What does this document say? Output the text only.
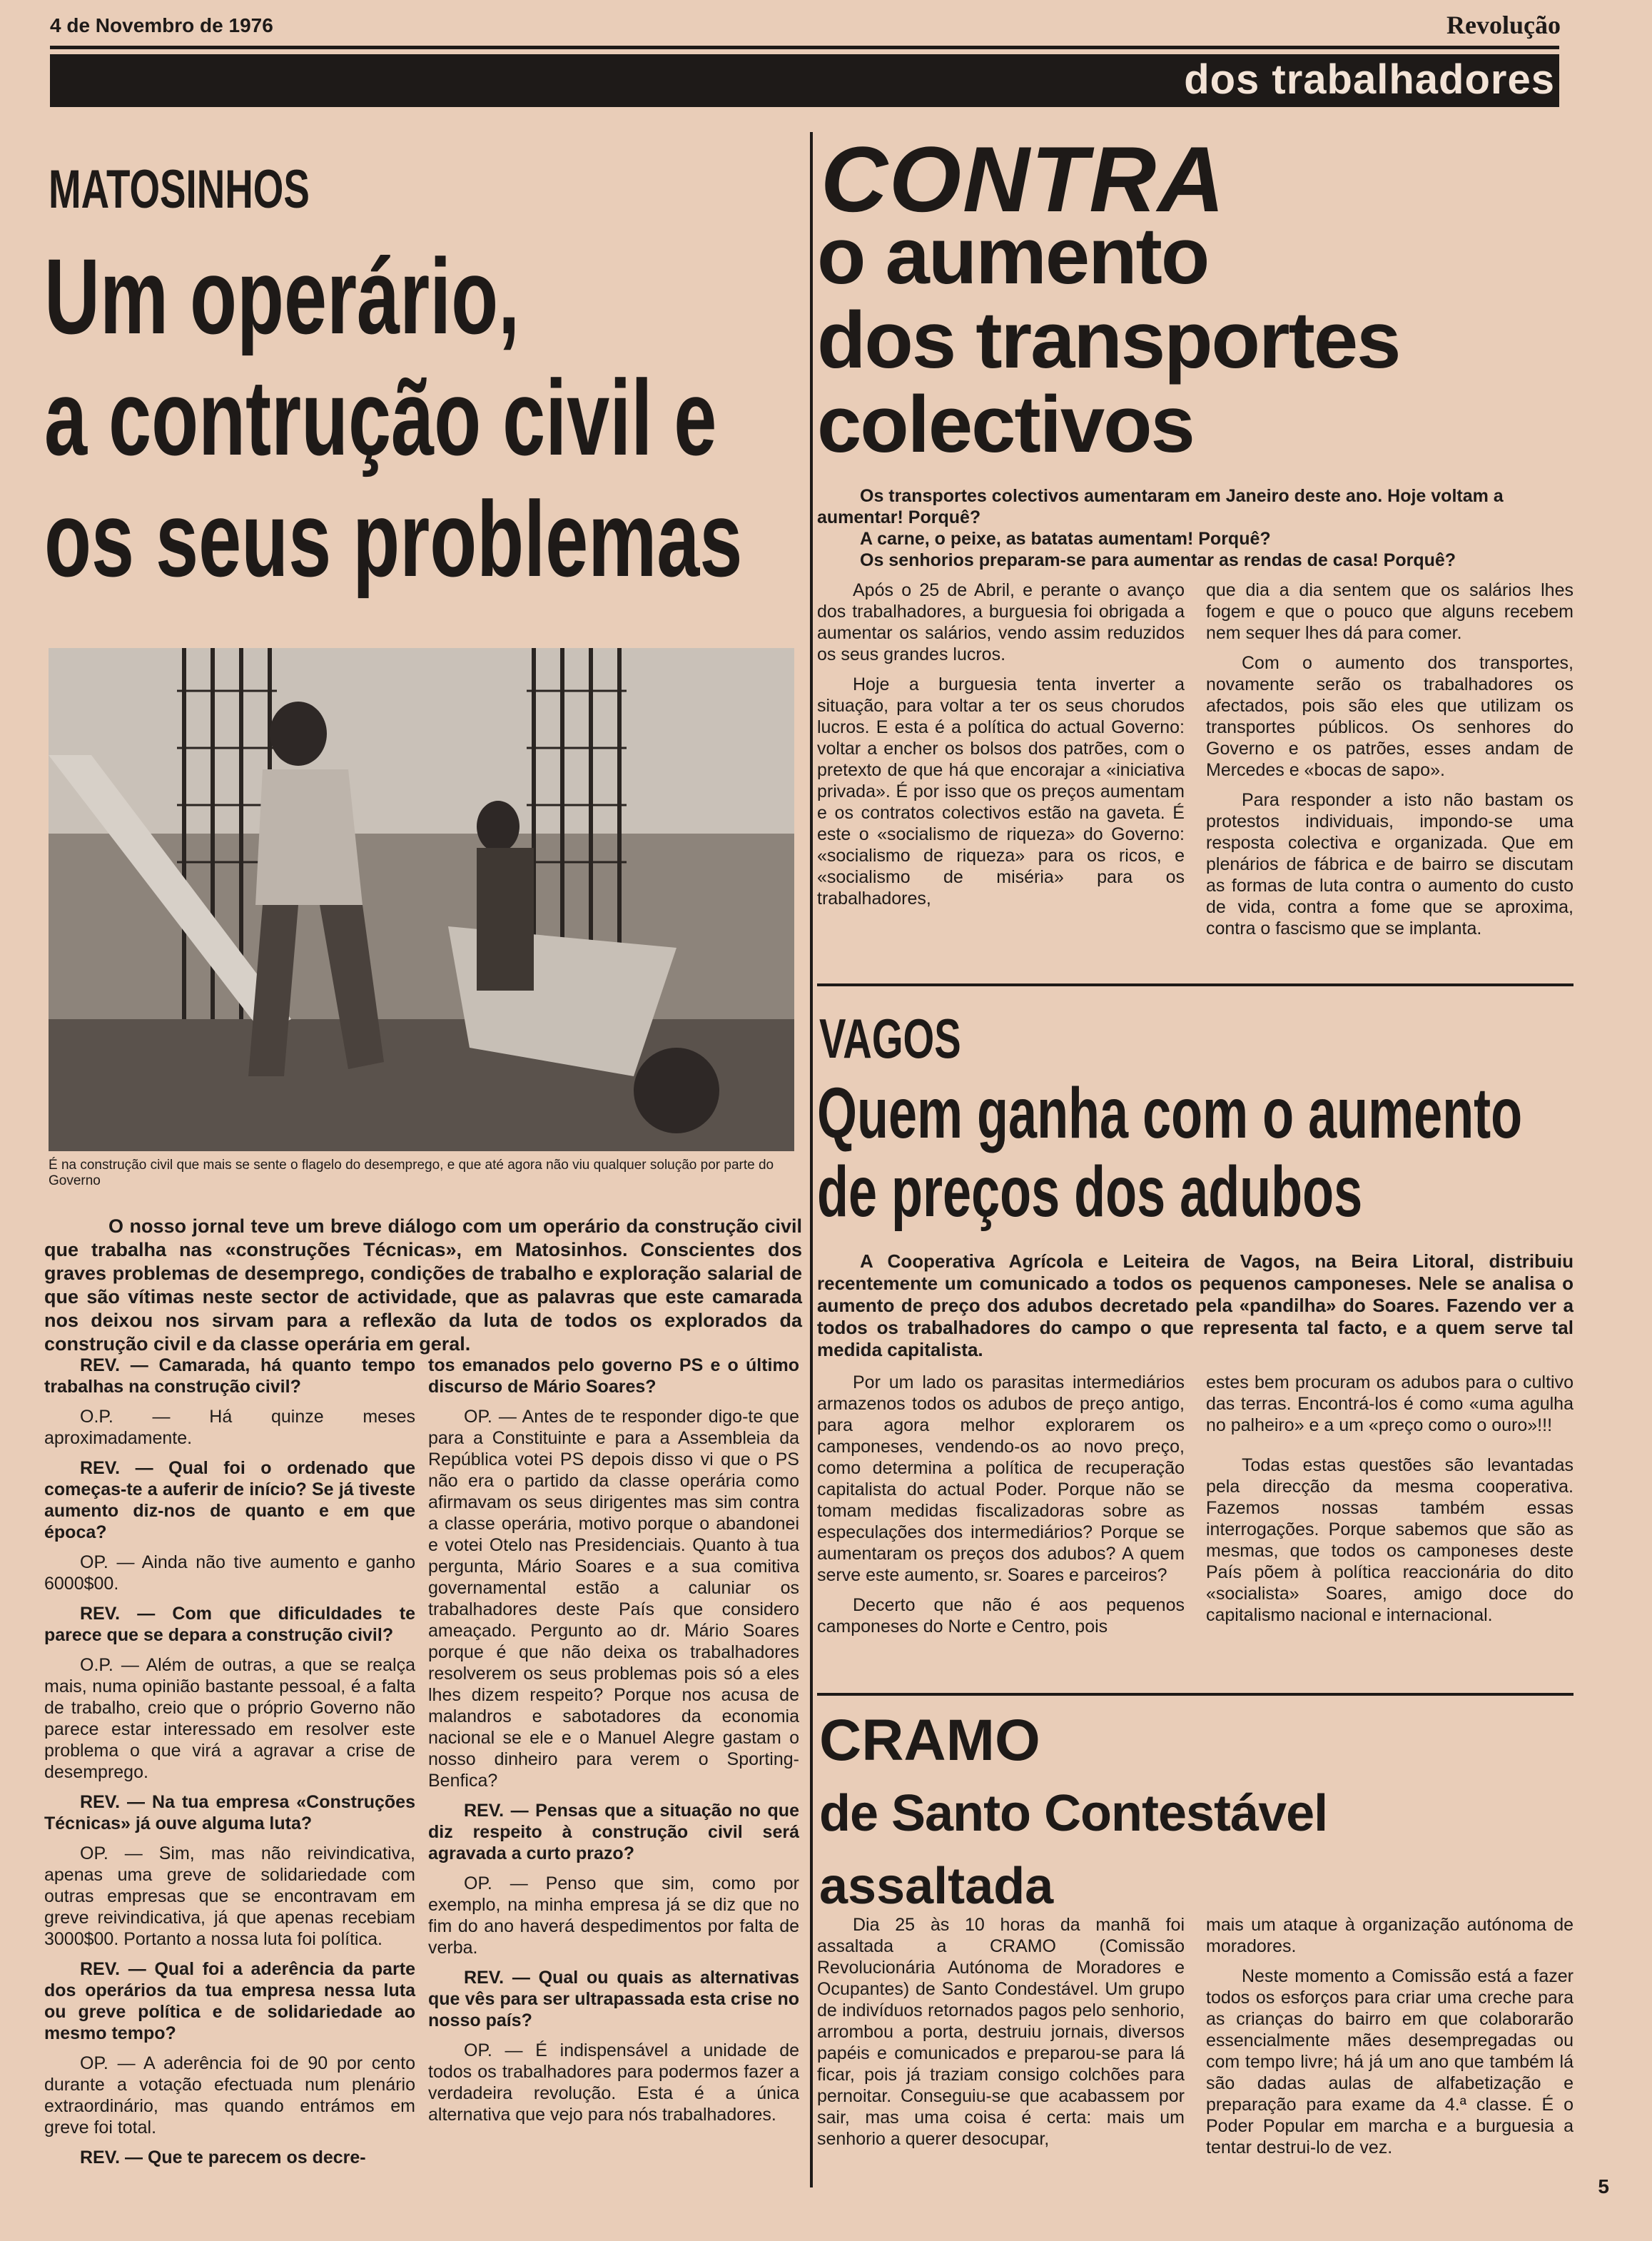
4 de Novembro de 1976	Revolução
dos trabalhadores
MATOSINHOS
Um operário,
a contrução civil e
os seus problemas
É na construção civil que mais se sente o flagelo do desemprego, e que até agora não viu qualquer solução por parte do Governo
O nosso jornal teve um breve diálogo com um operário da construção civil que trabalha nas «construções Técnicas», em Matosinhos. Conscientes dos graves problemas de desemprego, condições de trabalho e exploração salarial de que são vítimas neste sector de actividade, que as palavras que este camarada nos deixou nos sirvam para a reflexão da luta de todos os explorados da construção civil e da classe operária em geral.

REV. — Camarada, há quanto tempo trabalhas na construção civil?

O.P. — Há quinze meses aproximadamente.

REV. — Qual foi o ordenado que começas-te a auferir de início? Se já tiveste aumento diz-nos de quanto e em que época?

OP. — Ainda não tive aumento e ganho 6000$00.

REV. — Com que dificuldades te parece que se depara a construção civil?

O.P. — Além de outras, a que se realça mais, numa opinião bastante pessoal, é a falta de trabalho, creio que o próprio Governo não parece estar interessado em resolver este problema o que virá a agravar a crise de desemprego.

REV. — Na tua empresa «Construções Técnicas» já ouve alguma luta?

OP. — Sim, mas não reivindicativa, apenas uma greve de solidariedade com outras empresas que se encontravam em greve reivindicativa, já que apenas recebiam 3000$00. Portanto a nossa luta foi política.

REV. — Qual foi a aderência da parte dos operários da tua empresa nessa luta ou greve política e de solidariedade ao mesmo tempo?

OP. — A aderência foi de 90 por cento durante a votação efectuada num plenário extraordinário, mas quando entrámos em greve foi total.

REV. — Que te parecem os decre-

tos emanados pelo governo PS e o último discurso de Mário Soares?

OP. — Antes de te responder digo-te que para a Constituinte e para a Assembleia da República votei PS depois disso vi que o PS não era o partido da classe operária como afirmavam os seus dirigentes mas sim contra a classe operária, motivo porque o abandonei e votei Otelo nas Presidenciais. Quanto à tua pergunta, Mário Soares e a sua comitiva governamental estão a caluniar os trabalhadores deste País que considero ameaçado. Pergunto ao dr. Mário Soares porque é que não deixa os trabalhadores resolverem os seus problemas pois só a eles lhes dizem respeito? Porque nos acusa de malandros e sabotadores da economia nacional se ele e o Manuel Alegre gastam o nosso dinheiro para verem o Sporting-Benfica?

REV. — Pensas que a situação no que diz respeito à construção civil será agravada a curto prazo?

OP. — Penso que sim, como por exemplo, na minha empresa já se diz que no fim do ano haverá despedimentos por falta de verba.

REV. — Qual ou quais as alternativas que vês para ser ultrapassada esta crise no nosso país?

OP. — É indispensável a unidade de todos os trabalhadores para podermos fazer a verdadeira revolução. Esta é a única alternativa que vejo para nós trabalhadores.

CONTRA
o aumento
dos transportes
colectivos
Os transportes colectivos aumentaram em Janeiro deste ano. Hoje voltam a aumentar! Porquê?
A carne, o peixe, as batatas aumentam! Porquê?
Os senhorios preparam-se para aumentar as rendas de casa! Porquê?

Após o 25 de Abril, e perante o avanço dos trabalhadores, a burguesia foi obrigada a aumentar os salários, vendo assim reduzidos os seus grandes lucros.

Hoje a burguesia tenta inverter a situação, para voltar a ter os seus chorudos lucros. E esta é a política do actual Governo: voltar a encher os bolsos dos patrões, com o pretexto de que há que encorajar a «iniciativa privada». É por isso que os preços aumentam e os contratos colectivos estão na gaveta. É este o «socialismo de riqueza» do Governo: «socialismo de riqueza» para os ricos, e «socialismo de miséria» para os trabalhadores,

que dia a dia sentem que os salários lhes fogem e que o pouco que alguns recebem nem sequer lhes dá para comer.

Com o aumento dos transportes, novamente serão os trabalhadores os afectados, pois são eles que utilizam os transportes públicos. Os senhores do Governo e os patrões, esses andam de Mercedes e «bocas de sapo».

Para responder a isto não bastam os protestos individuais, impondo-se uma resposta colectiva e organizada. Que em plenários de fábrica e de bairro se discutam as formas de luta contra o aumento do custo de vida, contra a fome que se aproxima, contra o fascismo que se implanta.

VAGOS
Quem ganha com o aumento
de preços dos adubos
A Cooperativa Agrícola e Leiteira de Vagos, na Beira Litoral, distribuiu recentemente um comunicado a todos os pequenos camponeses. Nele se analisa o aumento de preço dos adubos decretado pela «pandilha» do Soares. Fazendo ver a todos os trabalhadores do campo o que representa tal facto, e a quem serve tal medida capitalista.

Por um lado os parasitas intermediários armazenos todos os adubos de preço antigo, para agora melhor explorarem os camponeses, vendendo-os ao novo preço, como determina a política de recuperação capitalista do actual Poder. Porque não se tomam medidas fiscalizadoras sobre as especulações dos intermediários? Porque se aumentaram os preços dos adubos? A quem serve este aumento, sr. Soares e parceiros?

Decerto que não é aos pequenos camponeses do Norte e Centro, pois

estes bem procuram os adubos para o cultivo das terras. Encontrá-los é como «uma agulha no palheiro» e a um «preço como o ouro»!!!

Todas estas questões são levantadas pela direcção da mesma cooperativa. Fazemos nossas também essas interrogações. Porque sabemos que são as mesmas, que todos os camponeses deste País põem à política reaccionária do dito «socialista» Soares, amigo doce do capitalismo nacional e internacional.

CRAMO
de Santo Contestável
assaltada

Dia 25 às 10 horas da manhã foi assaltada a CRAMO (Comissão Revolucionária Autónoma de Moradores e Ocupantes) de Santo Condestável. Um grupo de indivíduos retornados pagos pelo senhorio, arrombou a porta, destruiu jornais, diversos papéis e comunicados e preparou-se para lá ficar, pois já traziam consigo colchões para pernoitar. Conseguiu-se que acabassem por sair, mas uma coisa é certa: mais um senhorio a querer desocupar,

mais um ataque à organização autónoma de moradores.

Neste momento a Comissão está a fazer todos os esforços para criar uma creche para as crianças do bairro em que colaborarão essencialmente mães desempregadas ou com tempo livre; há já um ano que também lá são dadas aulas de alfabetização e preparação para exame da 4.ª classe. É o Poder Popular em marcha e a burguesia a tentar destrui-lo de vez.

5
